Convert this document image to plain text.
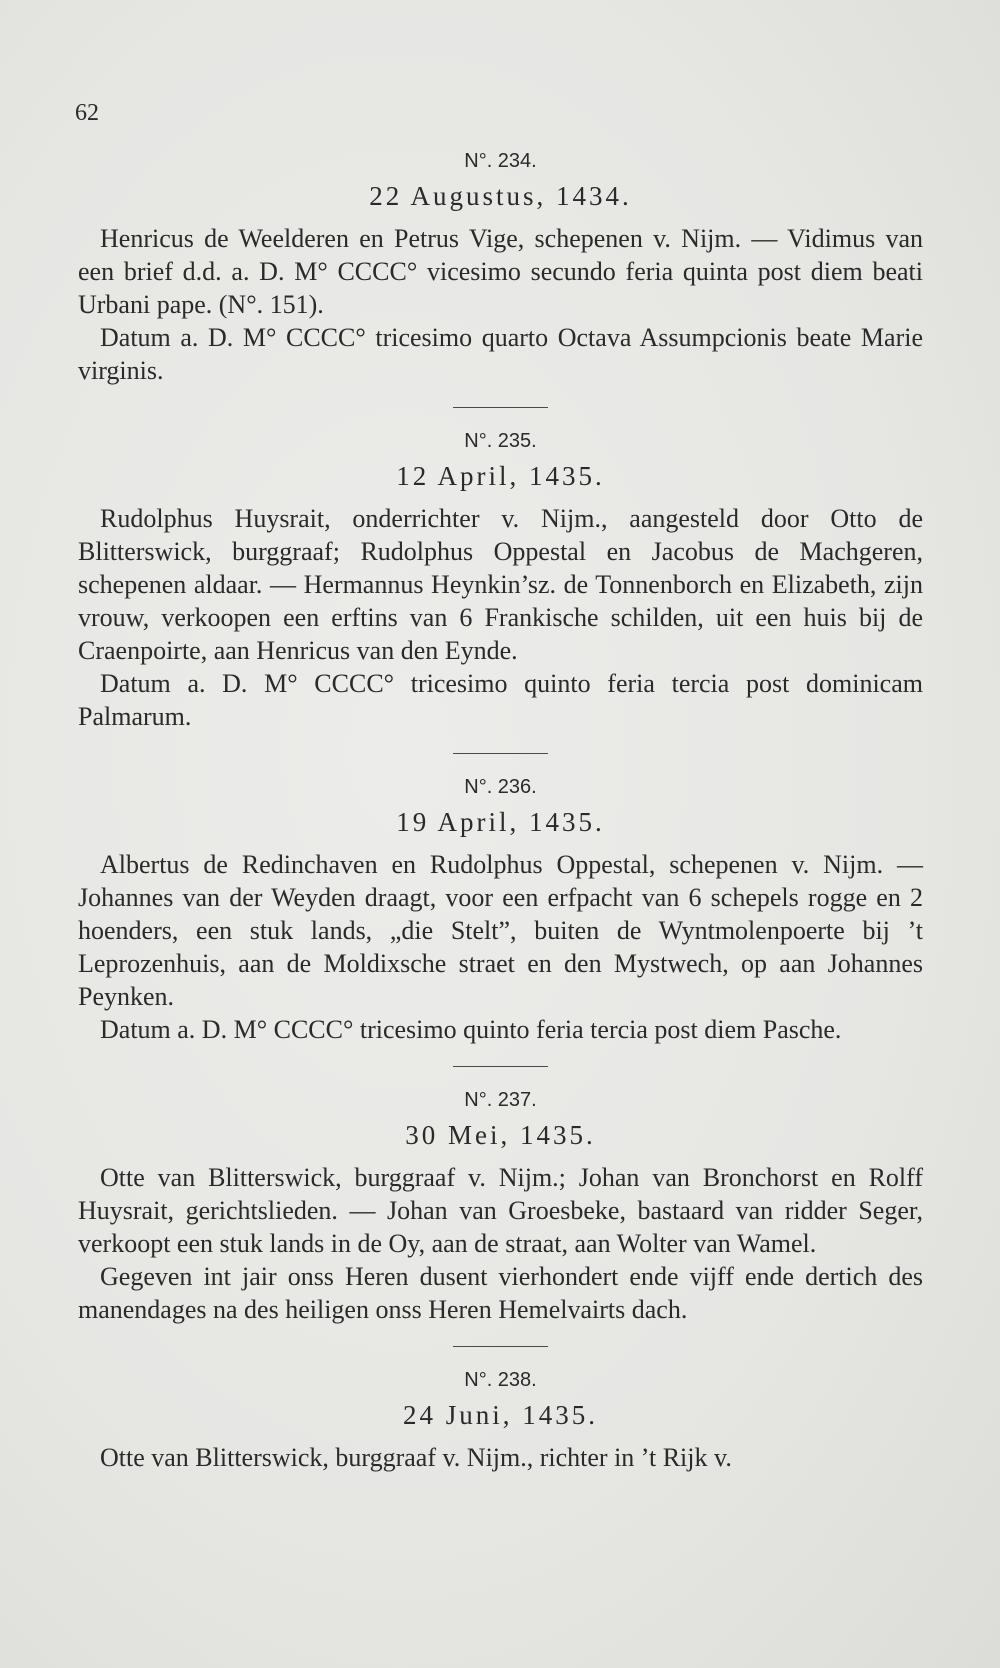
62
N°. 234.
22 Augustus, 1434.

Henricus de Weelderen en Petrus Vige, schepenen v. Nijm. — Vidimus van een brief d.d. a. D. M° CCCC° vicesimo secundo feria quinta post diem beati Urbani pape. (N°. 151).

Datum a. D. M° CCCC° tricesimo quarto Octava Assumpcionis beate Marie virginis.

N°. 235.
12 April, 1435.

Rudolphus Huysrait, onderrichter v. Nijm., aangesteld door Otto de Blitterswick, burggraaf; Rudolphus Oppestal en Jacobus de Machgeren, schepenen aldaar. — Hermannus Heynkin’sz. de Tonnenborch en Elizabeth, zijn vrouw, verkoopen een erftins van 6 Frankische schilden, uit een huis bij de Craenpoirte, aan Henricus van den Eynde.

Datum a. D. M° CCCC° tricesimo quinto feria tercia post dominicam Palmarum.

N°. 236.
19 April, 1435.

Albertus de Redinchaven en Rudolphus Oppestal, schepenen v. Nijm. — Johannes van der Weyden draagt, voor een erfpacht van 6 schepels rogge en 2 hoenders, een stuk lands, „die Stelt”, buiten de Wyntmolenpoerte bij ’t Leprozenhuis, aan de Moldixsche straet en den Mystwech, op aan Johannes Peynken.

Datum a. D. M° CCCC° tricesimo quinto feria tercia post diem Pasche.

N°. 237.
30 Mei, 1435.

Otte van Blitterswick, burggraaf v. Nijm.; Johan van Bronchorst en Rolff Huysrait, gerichtslieden. — Johan van Groesbeke, bastaard van ridder Seger, verkoopt een stuk lands in de Oy, aan de straat, aan Wolter van Wamel.

Gegeven int jair onss Heren dusent vierhondert ende vijff ende dertich des manendages na des heiligen onss Heren Hemelvairts dach.

N°. 238.
24 Juni, 1435.

Otte van Blitterswick, burggraaf v. Nijm., richter in ’t Rijk v.
